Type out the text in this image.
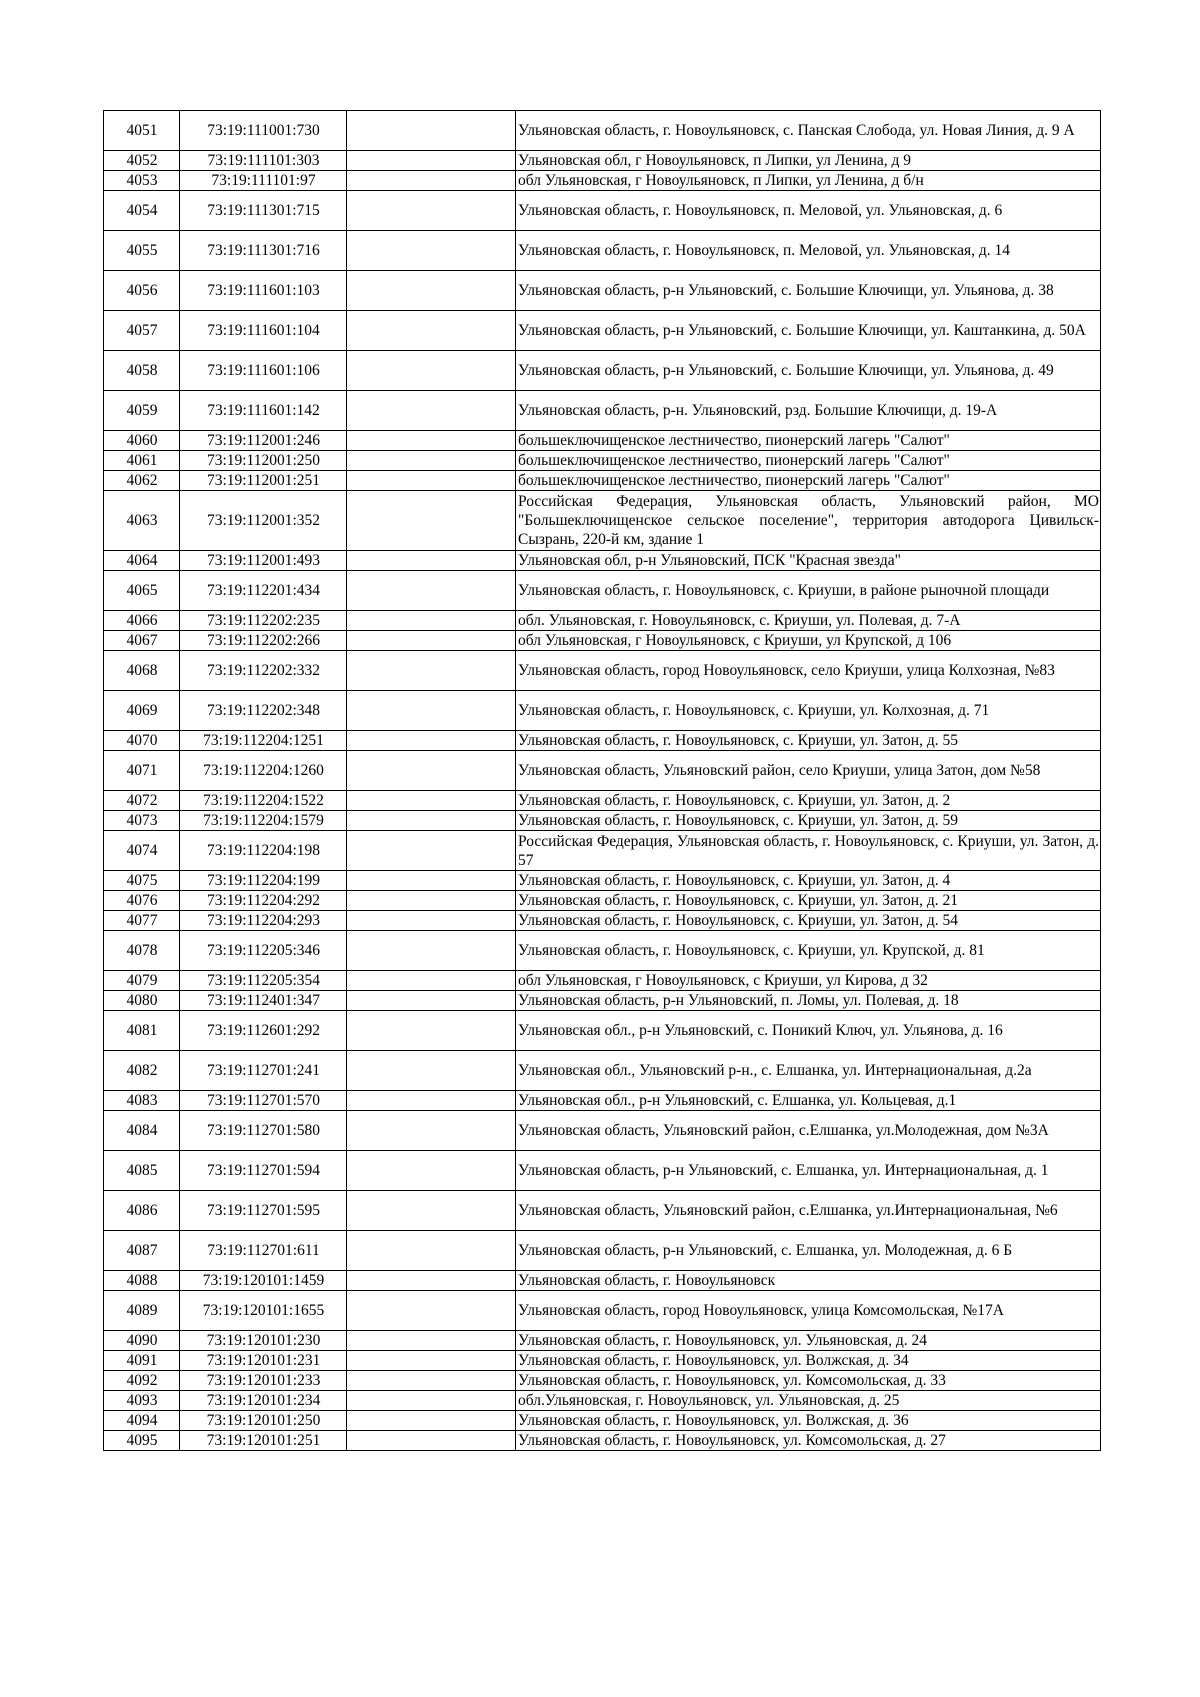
4051	73:19:111001:730		Ульяновская область, г. Новоульяновск, с. Панская Слобода, ул. Новая Линия, д. 9 А
4052	73:19:111101:303		Ульяновская обл, г Новоульяновск, п Липки, ул Ленина, д 9
4053	73:19:111101:97		обл Ульяновская, г Новоульяновск, п Липки, ул Ленина, д б/н
4054	73:19:111301:715		Ульяновская область, г. Новоульяновск, п. Меловой, ул. Ульяновская, д. 6
4055	73:19:111301:716		Ульяновская область, г. Новоульяновск, п. Меловой, ул. Ульяновская, д. 14
4056	73:19:111601:103		Ульяновская область, р-н Ульяновский, с. Большие Ключищи, ул. Ульянова, д. 38
4057	73:19:111601:104		Ульяновская область, р-н Ульяновский, с. Большие Ключищи, ул. Каштанкина, д. 50А
4058	73:19:111601:106		Ульяновская область, р-н Ульяновский, с. Большие Ключищи, ул. Ульянова, д. 49
4059	73:19:111601:142		Ульяновская область, р-н. Ульяновский, рзд. Большие Ключищи, д. 19-А
4060	73:19:112001:246		большеключищенское лестничество, пионерский лагерь "Салют"
4061	73:19:112001:250		большеключищенское лестничество, пионерский лагерь "Салют"
4062	73:19:112001:251		большеключищенское лестничество, пионерский лагерь "Салют"
4063	73:19:112001:352		Российская Федерация, Ульяновская область, Ульяновский район, МО "Большеключищенское сельское поселение", территория автодорога Цивильск-Сызрань, 220-й км, здание 1
4064	73:19:112001:493		Ульяновская обл, р-н Ульяновский, ПСК "Красная звезда"
4065	73:19:112201:434		Ульяновская область, г. Новоульяновск, с. Криуши, в районе рыночной площади
4066	73:19:112202:235		обл. Ульяновская, г. Новоульяновск, с. Криуши, ул. Полевая, д. 7-А
4067	73:19:112202:266		обл Ульяновская, г Новоульяновск, с Криуши, ул Крупской, д 106
4068	73:19:112202:332		Ульяновская область, город Новоульяновск, село Криуши, улица Колхозная, №83
4069	73:19:112202:348		Ульяновская область, г. Новоульяновск, с. Криуши, ул. Колхозная, д. 71
4070	73:19:112204:1251		Ульяновская область, г. Новоульяновск, с. Криуши, ул. Затон, д. 55
4071	73:19:112204:1260		Ульяновская область, Ульяновский район, село Криуши, улица Затон, дом №58
4072	73:19:112204:1522		Ульяновская область, г. Новоульяновск, с. Криуши, ул. Затон, д. 2
4073	73:19:112204:1579		Ульяновская область, г. Новоульяновск, с. Криуши, ул. Затон, д. 59
4074	73:19:112204:198		Российская Федерация, Ульяновская область, г. Новоульяновск, с. Криуши, ул. Затон, д. 57
4075	73:19:112204:199		Ульяновская область, г. Новоульяновск, с. Криуши, ул. Затон, д. 4
4076	73:19:112204:292		Ульяновская область, г. Новоульяновск, с. Криуши, ул. Затон, д. 21
4077	73:19:112204:293		Ульяновская область, г. Новоульяновск, с. Криуши, ул. Затон, д. 54
4078	73:19:112205:346		Ульяновская область, г. Новоульяновск, с. Криуши, ул. Крупской, д. 81
4079	73:19:112205:354		обл Ульяновская, г Новоульяновск, с Криуши, ул Кирова, д 32
4080	73:19:112401:347		Ульяновская область, р-н Ульяновский, п. Ломы, ул. Полевая, д. 18
4081	73:19:112601:292		Ульяновская обл., р-н Ульяновский, с. Поникий Ключ, ул. Ульянова, д. 16
4082	73:19:112701:241		Ульяновская обл., Ульяновский р-н., с. Елшанка, ул. Интернациональная, д.2а
4083	73:19:112701:570		Ульяновская обл., р-н Ульяновский, с. Елшанка, ул. Кольцевая, д.1
4084	73:19:112701:580		Ульяновская область, Ульяновский район, с.Елшанка, ул.Молодежная, дом №3А
4085	73:19:112701:594		Ульяновская область, р-н Ульяновский, с. Елшанка, ул. Интернациональная, д. 1
4086	73:19:112701:595		Ульяновская область, Ульяновский район, с.Елшанка, ул.Интернациональная, №6
4087	73:19:112701:611		Ульяновская область, р-н Ульяновский, с. Елшанка, ул. Молодежная, д. 6 Б
4088	73:19:120101:1459		Ульяновская область, г. Новоульяновск
4089	73:19:120101:1655		Ульяновская область, город Новоульяновск, улица Комсомольская, №17А
4090	73:19:120101:230		Ульяновская область, г. Новоульяновск, ул. Ульяновская, д. 24
4091	73:19:120101:231		Ульяновская область, г. Новоульяновск, ул. Волжская, д. 34
4092	73:19:120101:233		Ульяновская область, г. Новоульяновск, ул. Комсомольская, д. 33
4093	73:19:120101:234		обл.Ульяновская, г. Новоульяновск, ул. Ульяновская, д. 25
4094	73:19:120101:250		Ульяновская область, г. Новоульяновск, ул. Волжская, д. 36
4095	73:19:120101:251		Ульяновская область, г. Новоульяновск, ул. Комсомольская, д. 27
